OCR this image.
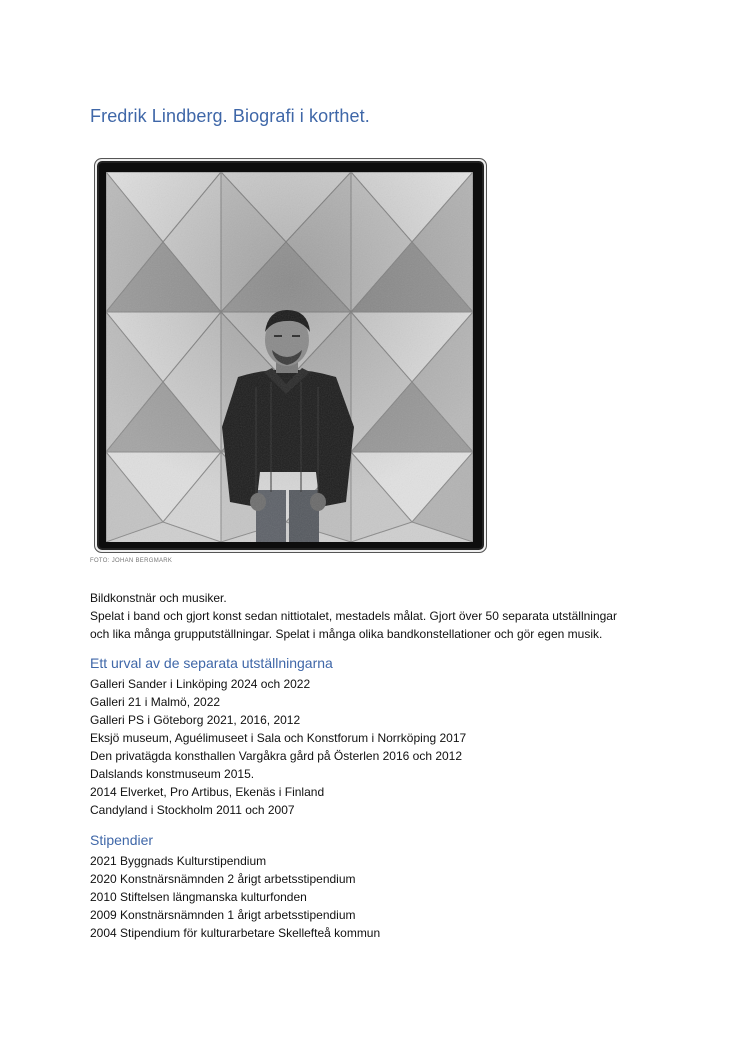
Fredrik Lindberg. Biografi i korthet.
FOTO: JOHAN BERGMARK

Bildkonstnär och musiker.

Spelat i band och gjort konst sedan nittiotalet, mestadels målat. Gjort över 50 separata utställningar

och lika många grupputställningar. Spelat i många olika bandkonstellationer och gör egen musik.

Ett urval av de separata utställningarna
Galleri Sander i Linköping 2024 och 2022
Galleri 21 i Malmö, 2022
Galleri PS i Göteborg 2021, 2016, 2012
Eksjö museum, Aguélimuseet i Sala och Konstforum i Norrköping 2017
Den privatägda konsthallen Vargåkra gård på Österlen 2016 och 2012
Dalslands konstmuseum 2015.
2014 Elverket, Pro Artibus, Ekenäs i Finland
Candyland i Stockholm 2011 och 2007
Stipendier
2021 Byggnads Kulturstipendium
2020 Konstnärsnämnden 2 årigt arbetsstipendium
2010 Stiftelsen längmanska kulturfonden
2009 Konstnärsnämnden 1 årigt arbetsstipendium
2004 Stipendium för kulturarbetare Skellefteå kommun
